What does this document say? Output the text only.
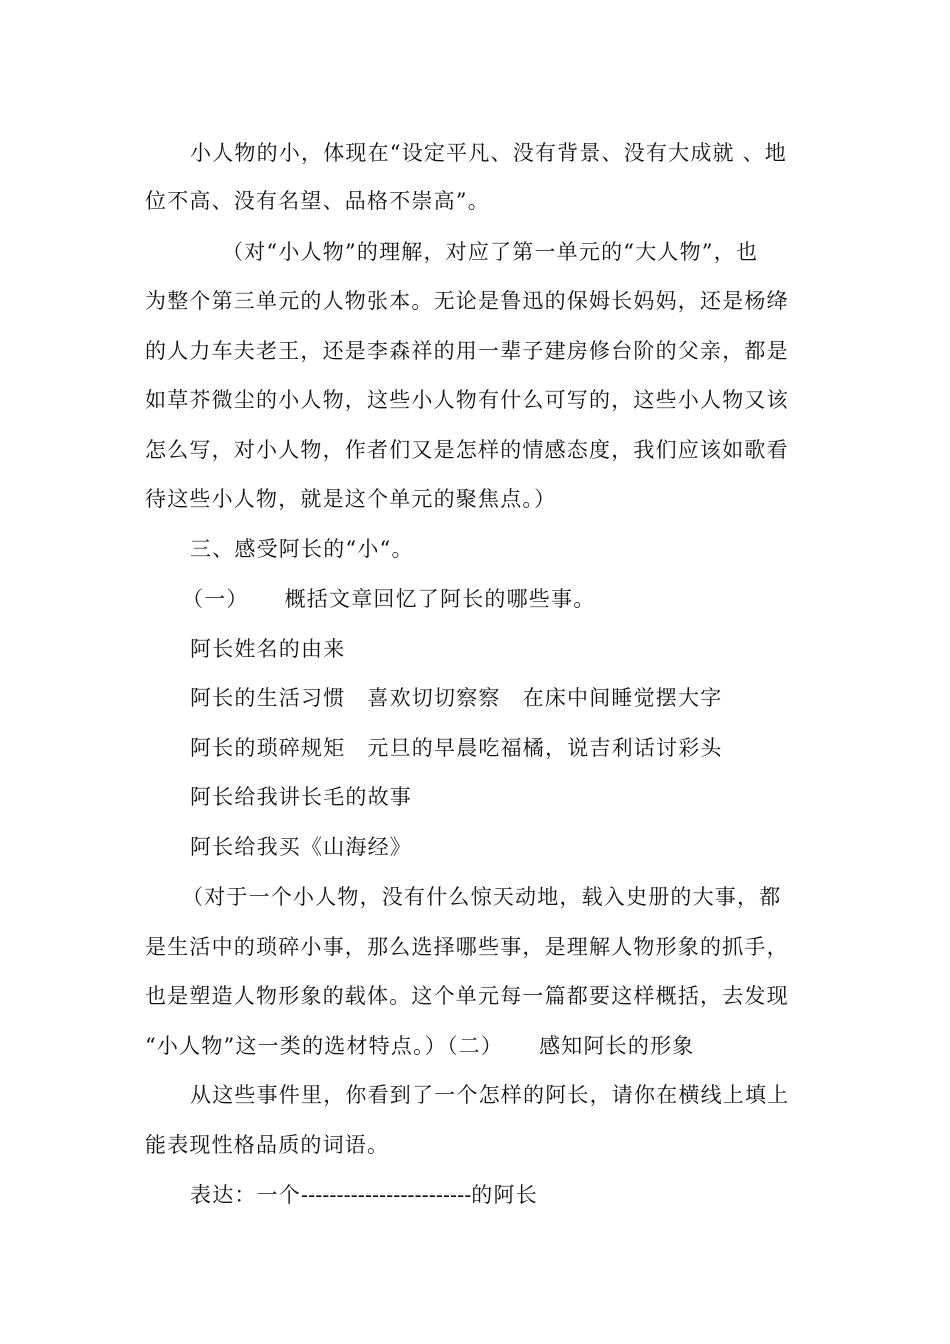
小人物的小，体现在“设定平凡、没有背景、没有大成就 、地

位不高、没有名望、品格不崇高”。

（对“小人物”的理解，对应了第一单元的“大人物”，也

为整个第三单元的人物张本。无论是鲁迅的保姆长妈妈，还是杨绛

的人力车夫老王，还是李森祥的用一辈子建房修台阶的父亲，都是

如草芥微尘的小人物，这些小人物有什么可写的，这些小人物又该

怎么写，对小人物，作者们又是怎样的情感态度，我们应该如歌看

待这些小人物，就是这个单元的聚焦点。）

三、感受阿长的“小“。

（一） 概括文章回忆了阿长的哪些事。

阿长姓名的由来

阿长的生活习惯 喜欢切切察察 在床中间睡觉摆大字

阿长的琐碎规矩 元旦的早晨吃福橘，说吉利话讨彩头

阿长给我讲长毛的故事

阿长给我买《山海经》

（对于一个小人物，没有什么惊天动地，载入史册的大事，都

是生活中的琐碎小事，那么选择哪些事，是理解人物形象的抓手，

也是塑造人物形象的载体。这个单元每一篇都要这样概括，去发现

“小人物”这一类的选材特点。）（二） 感知阿长的形象

从这些事件里，你看到了一个怎样的阿长，请你在横线上填上

能表现性格品质的词语。

表达：一个------------------------的阿长
